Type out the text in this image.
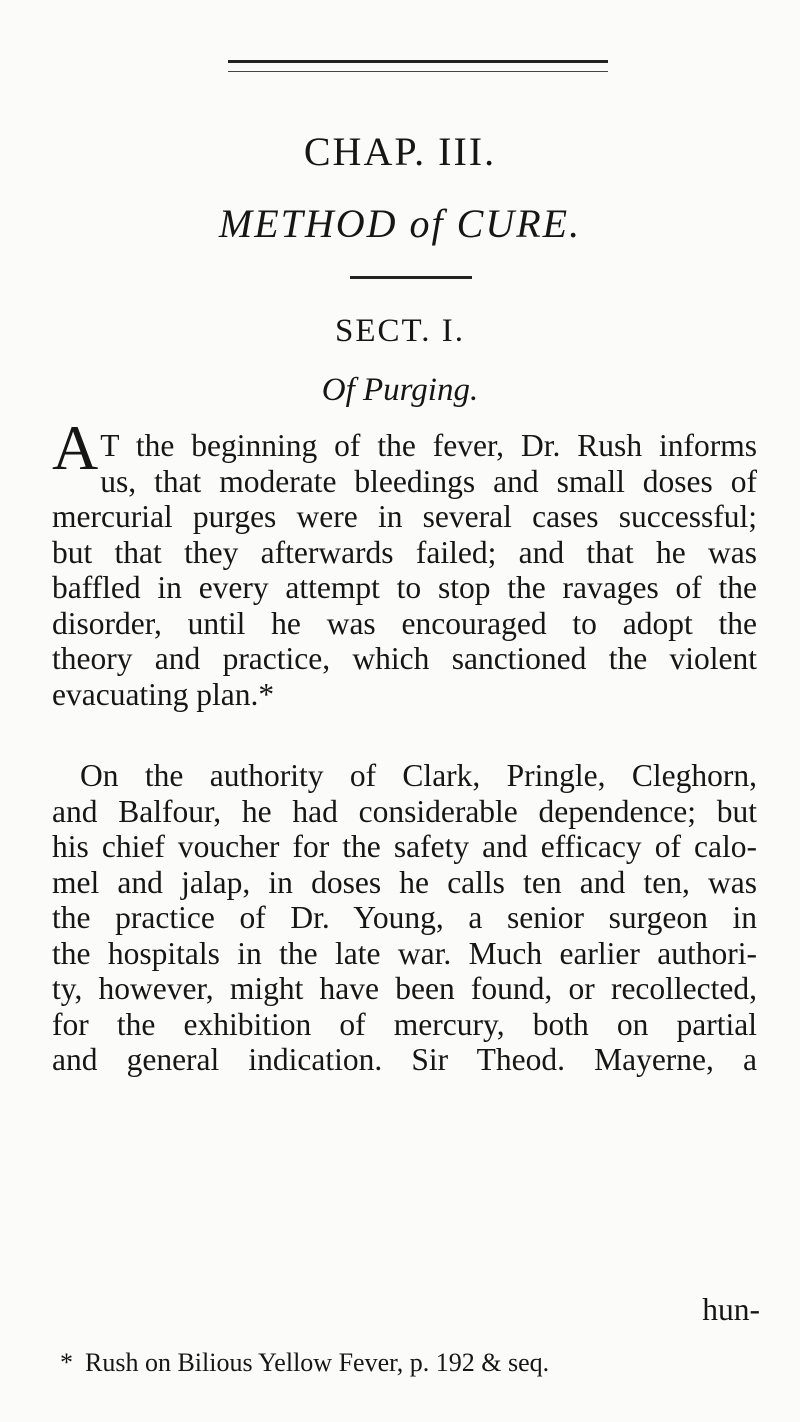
CHAP. III.
METHOD of CURE.
SECT. I.
Of Purging.
A T the beginning of the fever, Dr. Rush informs
us, that moderate bleedings and small doses of
mercurial purges were in several cases successful;
but that they afterwards failed; and that he was
baffled in every attempt to stop the ravages of the
disorder, until he was encouraged to adopt the
theory and practice, which sanctioned the violent
evacuating plan.*
On the authority of Clark, Pringle, Cleghorn,
and Balfour, he had considerable dependence; but
his chief voucher for the safety and efficacy of calo-
mel and jalap, in doses he calls ten and ten, was
the practice of Dr. Young, a senior surgeon in
the hospitals in the late war. Much earlier authori-
ty, however, might have been found, or recollected,
for the exhibition of mercury, both on partial
and general indication. Sir Theod. Mayerne, a
hun-
* Rush on Bilious Yellow Fever, p. 192 & seq.
